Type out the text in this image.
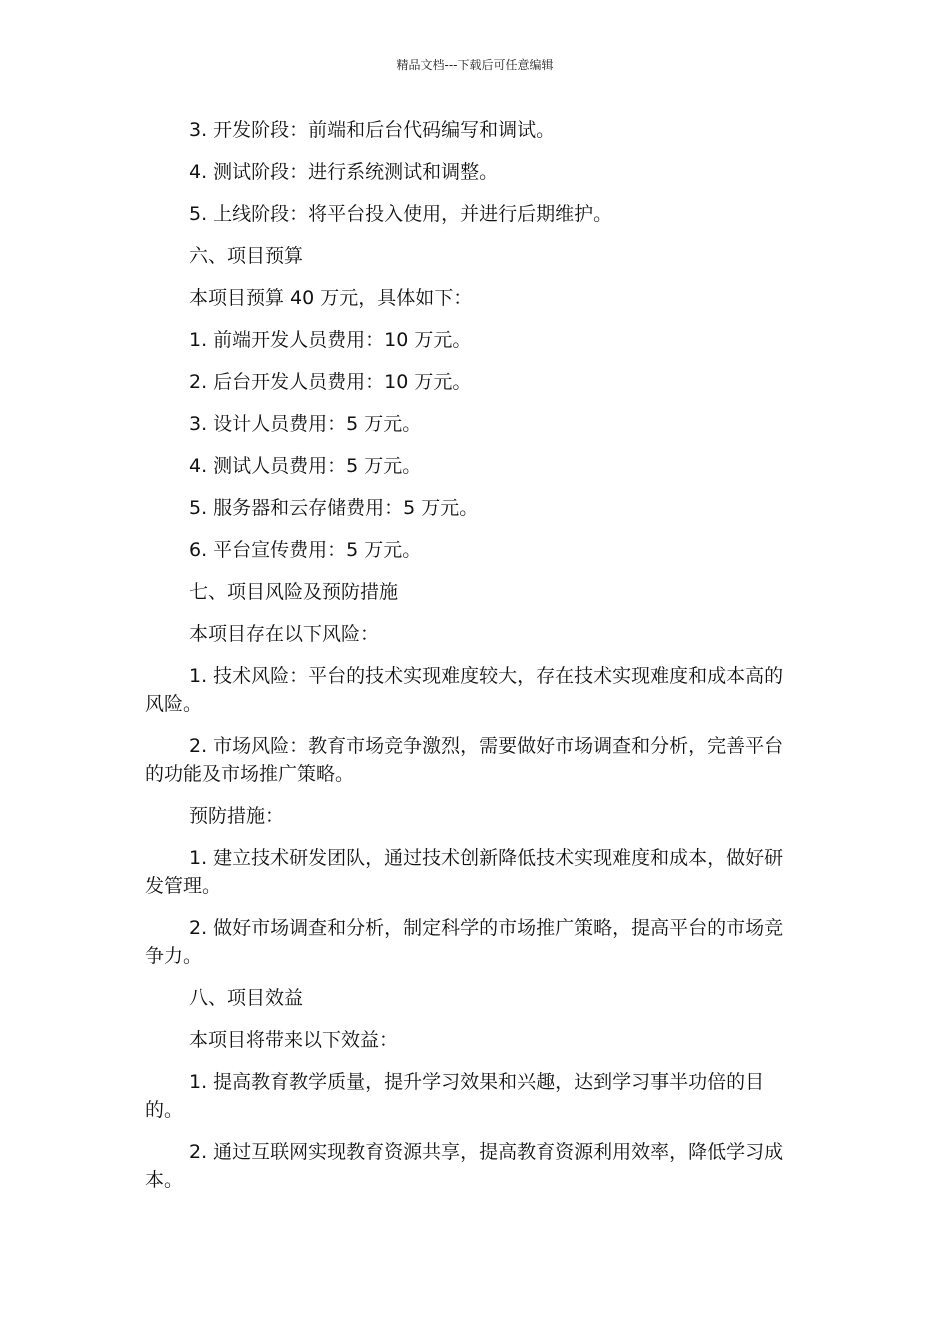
精品文档---下载后可任意编辑

3. 开发阶段：前端和后台代码编写和调试。

4. 测试阶段：进行系统测试和调整。

5. 上线阶段：将平台投入使用，并进行后期维护。

六、项目预算

本项目预算 40 万元，具体如下：

1. 前端开发人员费用：10 万元。

2. 后台开发人员费用：10 万元。

3. 设计人员费用：5 万元。

4. 测试人员费用：5 万元。

5. 服务器和云存储费用：5 万元。

6. 平台宣传费用：5 万元。

七、项目风险及预防措施

本项目存在以下风险：

1. 技术风险：平台的技术实现难度较大，存在技术实现难度和成本高的风险。

2. 市场风险：教育市场竞争激烈，需要做好市场调查和分析，完善平台的功能及市场推广策略。

预防措施：

1. 建立技术研发团队，通过技术创新降低技术实现难度和成本，做好研发管理。

2. 做好市场调查和分析，制定科学的市场推广策略，提高平台的市场竞争力。

八、项目效益

本项目将带来以下效益：

1. 提高教育教学质量，提升学习效果和兴趣，达到学习事半功倍的目的。

2. 通过互联网实现教育资源共享，提高教育资源利用效率，降低学习成本。
